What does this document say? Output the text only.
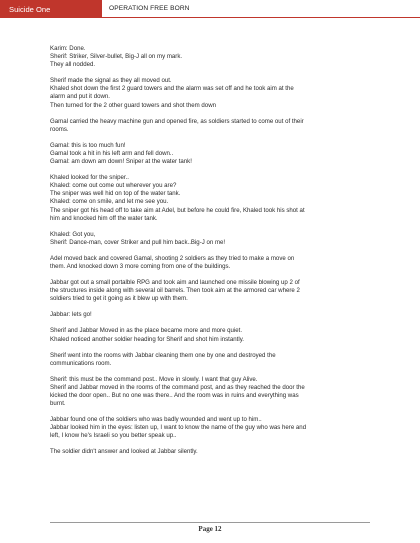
Suicide One	OPERATION FREE BORN
Karim: Done.
Sherif: Striker, Silver-bullet, Big-J all on my mark.
They all nodded.
Sherif made the signal as they all moved out.
Khaled shot down the first 2 guard towers and the alarm was set off and he took aim at the
alarm and put it down.
Then turned for the 2 other guard towers and shot them down
Gamal carried the heavy machine gun and opened fire, as soldiers started to come out of their
rooms.
Gamal: this is too much fun!
Gamal took a hit in his left arm and fell down..
Gamal: am down am down! Sniper at the water tank!
Khaled looked for the sniper..
Khaled: come out come out wherever you are?
The sniper was well hid on top of the water tank.
Khaled: come on smile, and let me see you.
The sniper got his head off to take aim at Adel, but before he could fire, Khaled took his shot at
him and knocked him off the water tank.
Khaled: Got you,
Sherif: Dance-man, cover Striker and pull him back..Big-J on me!
Adel moved back and covered Gamal, shooting 2 soldiers as they tried to make a move on
them. And knocked down 3 more coming from one of the buildings.
Jabbar got out a small portalble RPG and took aim and launched one missile blowing up 2 of
the structures inside along with several oil barrels. Then took aim at the armored car where 2
soldiers tried to get it going as it blew up with them.
Jabbar: lets go!
Sherif and Jabbar Moved in as the place became more and more quiet.
Khaled noticed another soldier heading for Sherif and shot him instantly.
Sherif went into the rooms with Jabbar cleaning them one by one and destroyed the
communications room.
Sherif: this must be the command post.. Move in slowly. I want that guy Alive.
Sherif and Jabbar moved in the rooms of the command post, and as they reached the door the
kicked the door open.. But no one was there.. And the room was in ruins and everything was
burnt.
Jabbar found one of the soldiers who was badly wounded and went up to him..
Jabbar looked him in the eyes: listen up, I want to know the name of the guy who was here and
left, I know he's Israeli so you better speak up..
The soldier didn't answer and looked at Jabbar silently.
Page 12
